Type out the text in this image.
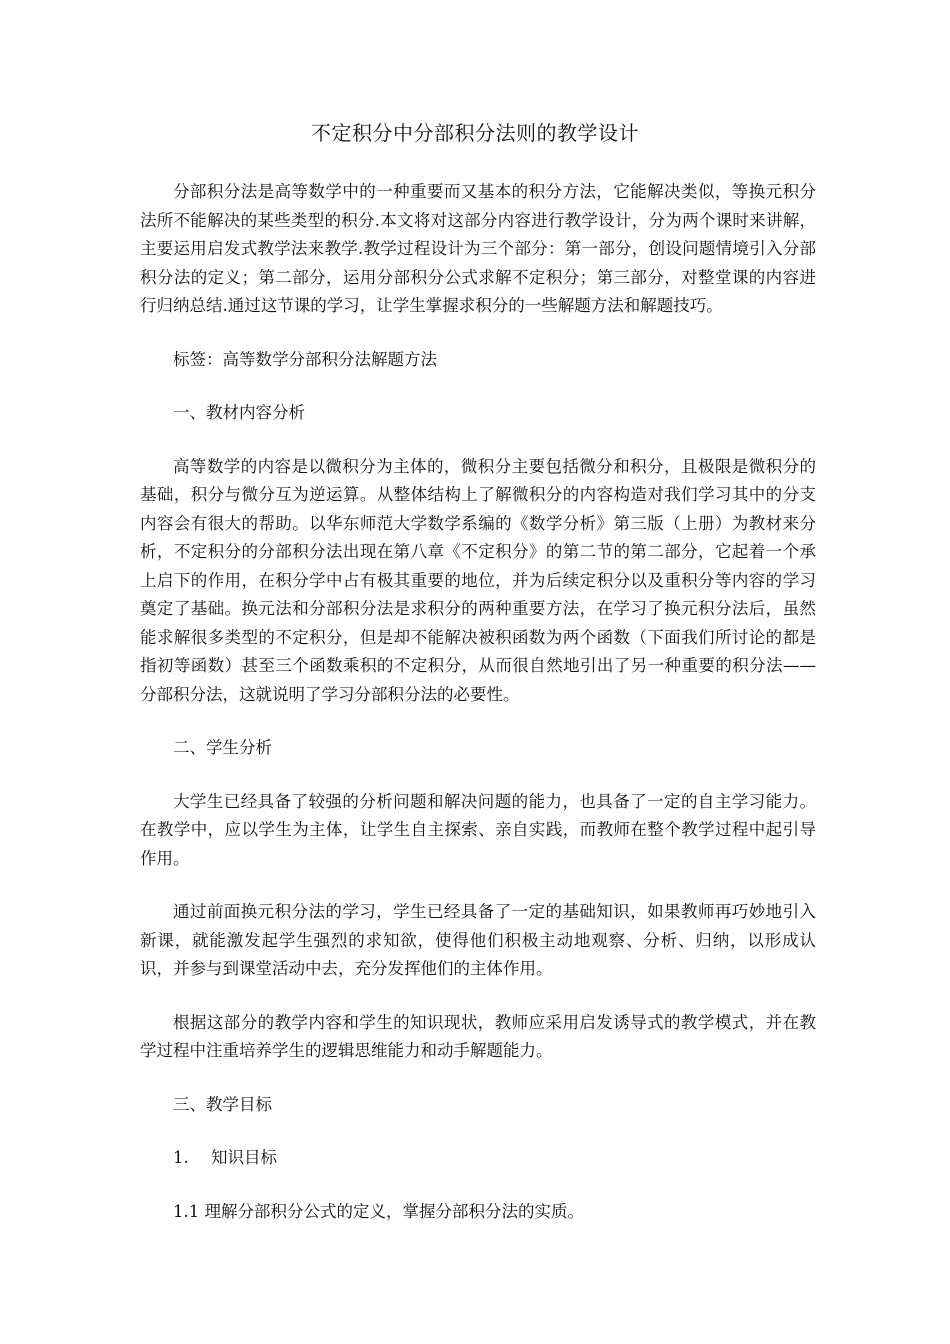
不定积分中分部积分法则的教学设计

分部积分法是高等数学中的一种重要而又基本的积分方法，它能解决类似，等换元积分法所不能解决的某些类型的积分.本文将对这部分内容进行教学设计，分为两个课时来讲解，主要运用启发式教学法来教学.教学过程设计为三个部分：第一部分，创设问题情境引入分部积分法的定义；第二部分，运用分部积分公式求解不定积分；第三部分，对整堂课的内容进行归纳总结.通过这节课的学习，让学生掌握求积分的一些解题方法和解题技巧。

标签：高等数学分部积分法解题方法

一、教材内容分析

高等数学的内容是以微积分为主体的，微积分主要包括微分和积分，且极限是微积分的基础，积分与微分互为逆运算。从整体结构上了解微积分的内容构造对我们学习其中的分支内容会有很大的帮助。以华东师范大学数学系编的《数学分析》第三版（上册）为教材来分析，不定积分的分部积分法出现在第八章《不定积分》的第二节的第二部分，它起着一个承上启下的作用，在积分学中占有极其重要的地位，并为后续定积分以及重积分等内容的学习奠定了基础。换元法和分部积分法是求积分的两种重要方法，在学习了换元积分法后，虽然能求解很多类型的不定积分，但是却不能解决被积函数为两个函数（下面我们所讨论的都是指初等函数）甚至三个函数乘积的不定积分，从而很自然地引出了另一种重要的积分法——分部积分法，这就说明了学习分部积分法的必要性。

二、学生分析

大学生已经具备了较强的分析问题和解决问题的能力，也具备了一定的自主学习能力。在教学中，应以学生为主体，让学生自主探索、亲自实践，而教师在整个教学过程中起引导作用。

通过前面换元积分法的学习，学生已经具备了一定的基础知识，如果教师再巧妙地引入新课，就能激发起学生强烈的求知欲，使得他们积极主动地观察、分析、归纳，以形成认识，并参与到课堂活动中去，充分发挥他们的主体作用。

根据这部分的教学内容和学生的知识现状，教师应采用启发诱导式的教学模式，并在教学过程中注重培养学生的逻辑思维能力和动手解题能力。

三、教学目标

1. 知识目标

1.1 理解分部积分公式的定义，掌握分部积分法的实质。
